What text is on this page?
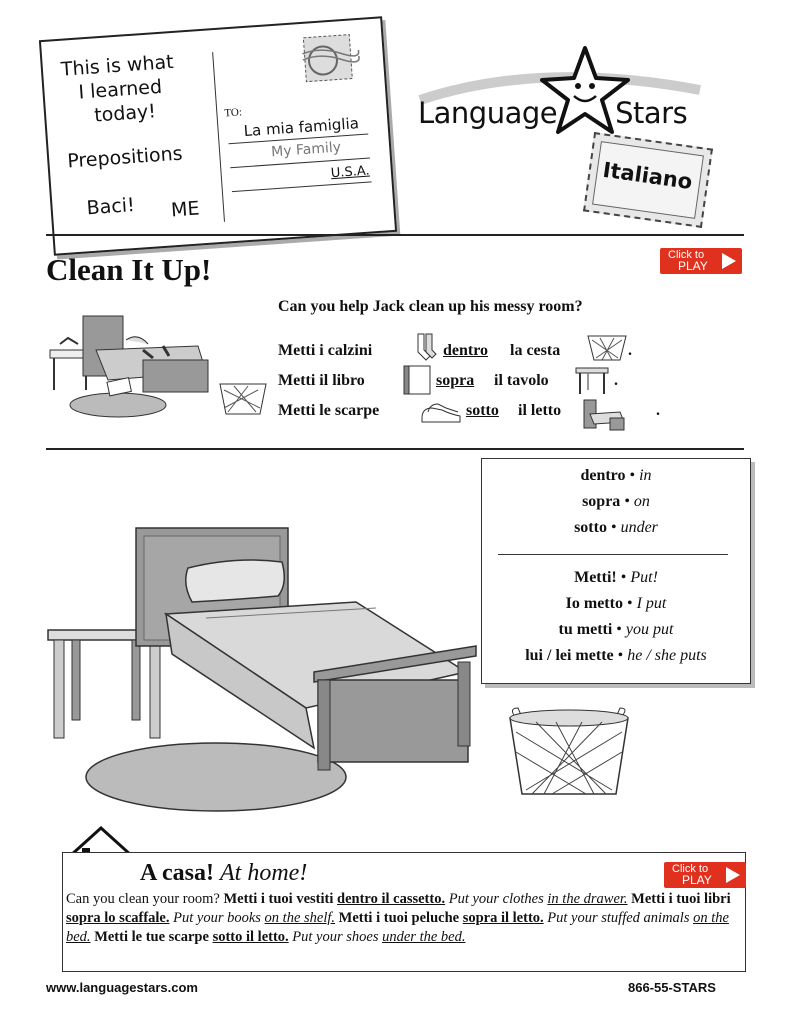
This is what
I learned
today!
Prepositions
Baci! ME
TO:
La mia famiglia
My Family
U.S.A.
Language Stars
Italiano
Clean It Up!	Click to
PLAY
Can you help Jack clean up his messy room?
Metti i calzini	dentro la cesta	.
Metti il libro	sopra il tavolo	.
Metti le scarpe	sotto il letto	.
dentro • in
sopra • on
sotto • under
Metti! • Put!
Io metto • I put
tu metti • you put
lui / lei mette • he / she puts
A casa! At home!	Click to
PLAY
Can you clean your room? Metti i tuoi vestiti dentro il cassetto. Put your clothes in the drawer. Metti i tuoi libri sopra lo scaffale. Put your books on the shelf. Metti i tuoi peluche sopra il letto. Put your stuffed animals on the bed. Metti le tue scarpe sotto il letto. Put your shoes under the bed.
www.languagestars.com	866-55-STARS
